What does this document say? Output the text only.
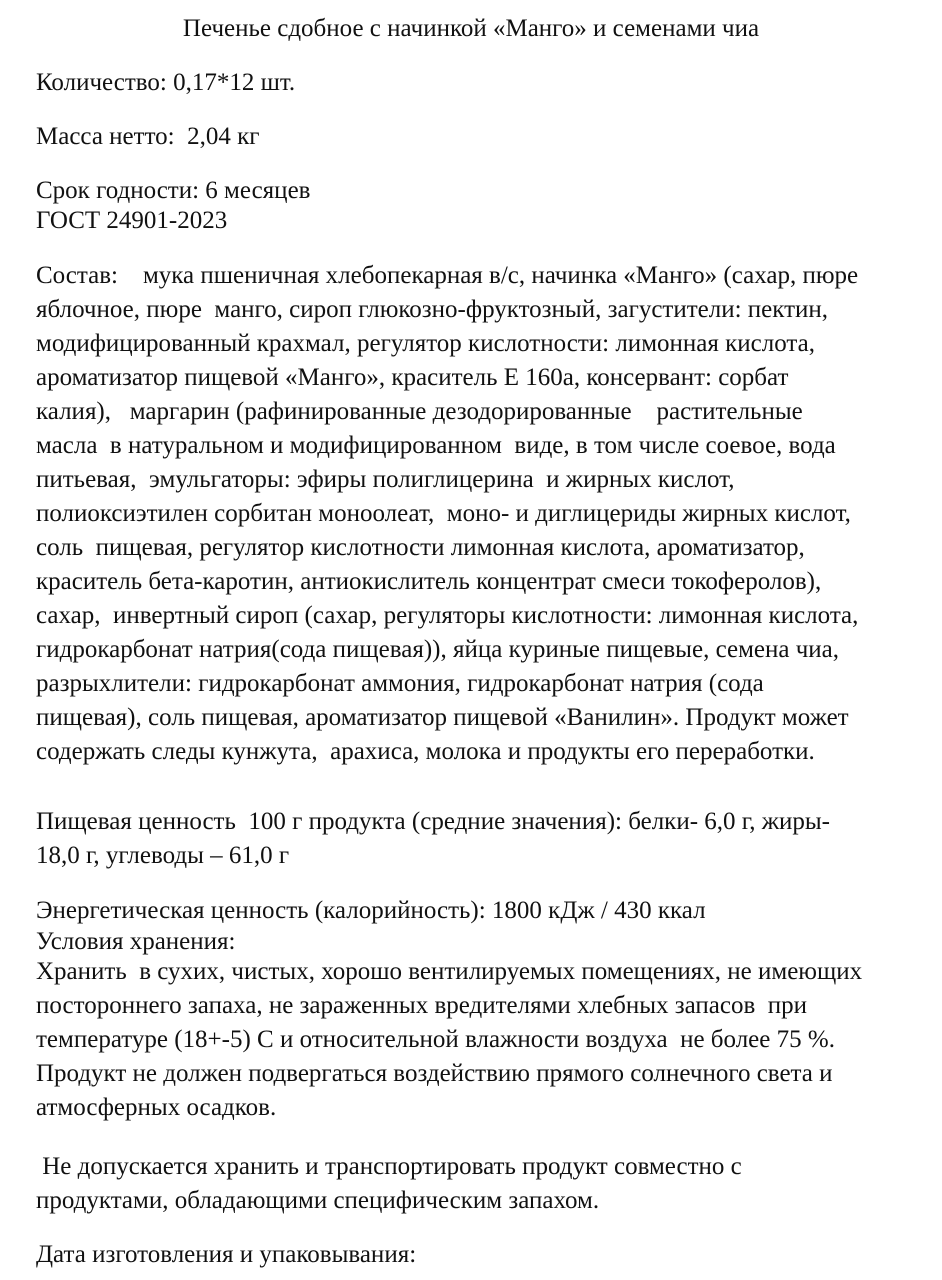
Печенье сдобное с начинкой «Манго» и семенами чиа
Количество: 0,17*12 шт.
Масса нетто:  2,04 кг
Срок годности: 6 месяцев
ГОСТ 24901-2023
Состав:    мука пшеничная хлебопекарная в/с, начинка «Манго» (сахар, пюре
яблочное, пюре  манго, сироп глюкозно-фруктозный, загустители: пектин,
модифицированный крахмал, регулятор кислотности: лимонная кислота,
ароматизатор пищевой «Манго», краситель Е 160а, консервант: сорбат
калия),   маргарин (рафинированные дезодорированные    растительные
масла  в натуральном и модифицированном  виде, в том числе соевое, вода
питьевая,  эмульгаторы: эфиры полиглицерина  и жирных кислот,
полиоксиэтилен сорбитан моноолеат,  моно- и диглицериды жирных кислот,
соль  пищевая, регулятор кислотности лимонная кислота, ароматизатор,
краситель бета-каротин, антиокислитель концентрат смеси токоферолов),
сахар,  инвертный сироп (сахар, регуляторы кислотности: лимонная кислота,
гидрокарбонат натрия(сода пищевая)), яйца куриные пищевые, семена чиа,
разрыхлители: гидрокарбонат аммония, гидрокарбонат натрия (сода
пищевая), соль пищевая, ароматизатор пищевой «Ванилин». Продукт может
содержать следы кунжута,  арахиса, молока и продукты его переработки.
Пищевая ценность  100 г продукта (средние значения): белки- 6,0 г, жиры-
18,0 г, углеводы – 61,0 г
Энергетическая ценность (калорийность): 1800 кДж / 430 ккал
Условия хранения:
Хранить  в сухих, чистых, хорошо вентилируемых помещениях, не имеющих
постороннего запаха, не зараженных вредителями хлебных запасов  при
температуре (18+-5) С и относительной влажности воздуха  не более 75 %.
Продукт не должен подвергаться воздействию прямого солнечного света и
атмосферных осадков.
Не допускается хранить и транспортировать продукт совместно с
продуктами, обладающими специфическим запахом.
Дата изготовления и упаковывания:
